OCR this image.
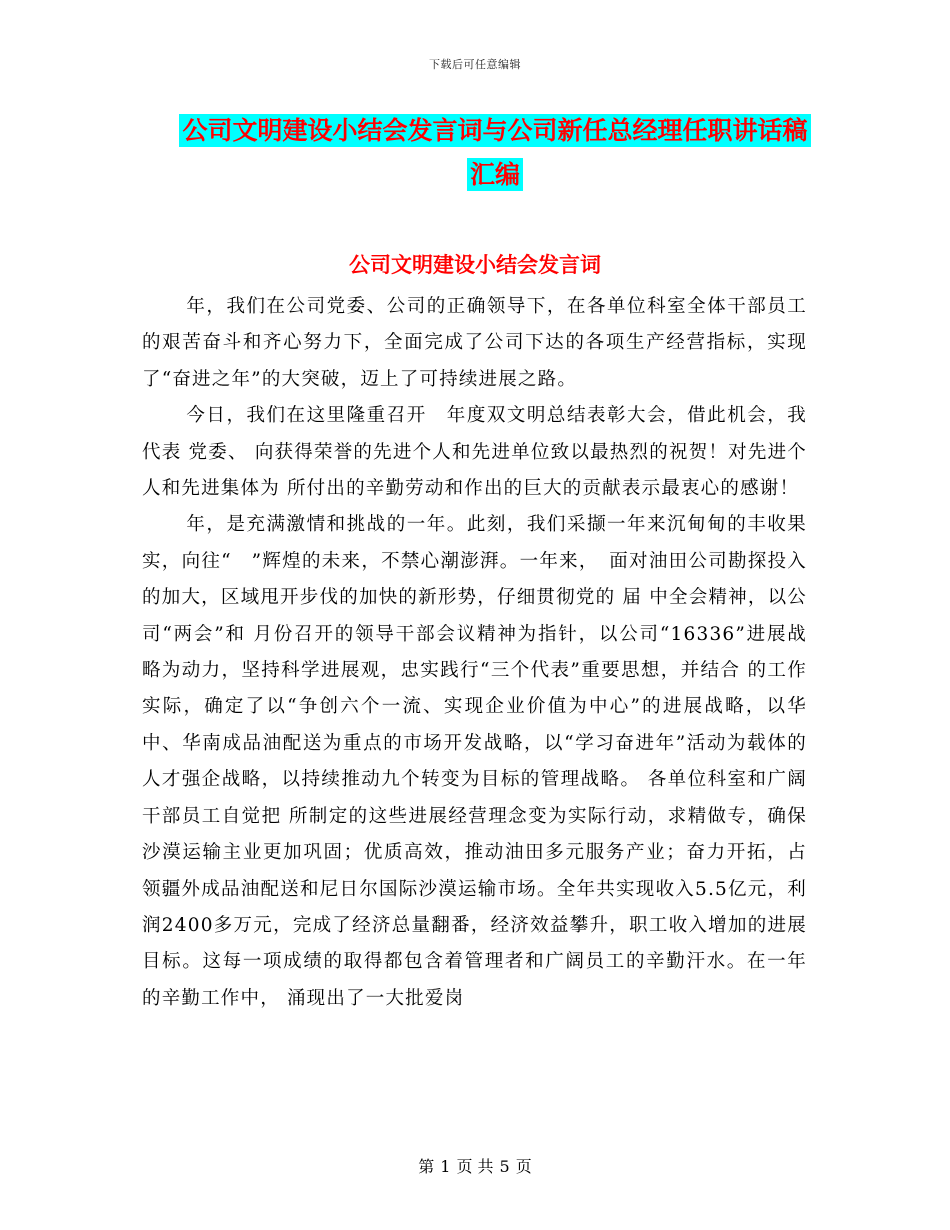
下载后可任意编辑
公司文明建设小结会发言词与公司新任总经理任职讲话稿汇编
公司文明建设小结会发言词

年，我们在公司党委、公司的正确领导下，在各单位科室全体干部员工的艰苦奋斗和齐心努力下，全面完成了公司下达的各项生产经营指标，实现了“奋进之年”的大突破，迈上了可持续进展之路。

今日，我们在这里隆重召开　年度双文明总结表彰大会，借此机会，我代表 党委、 向获得荣誉的先进个人和先进单位致以最热烈的祝贺！对先进个人和先进集体为 所付出的辛勤劳动和作出的巨大的贡献表示最衷心的感谢！

年，是充满激情和挑战的一年。此刻，我们采撷一年来沉甸甸的丰收果实，向往“　”辉煌的未来，不禁心潮澎湃。一年来，　面对油田公司勘探投入的加大，区域甩开步伐的加快的新形势，仔细贯彻党的 届 中全会精神，以公司“两会”和 月份召开的领导干部会议精神为指针，以公司“16336”进展战略为动力，坚持科学进展观，忠实践行“三个代表”重要思想，并结合 的工作实际，确定了以“争创六个一流、实现企业价值为中心”的进展战略，以华中、华南成品油配送为重点的市场开发战略，以“学习奋进年”活动为载体的人才强企战略，以持续推动九个转变为目标的管理战略。 各单位科室和广阔干部员工自觉把 所制定的这些进展经营理念变为实际行动，求精做专，确保沙漠运输主业更加巩固；优质高效，推动油田多元服务产业；奋力开拓，占领疆外成品油配送和尼日尔国际沙漠运输市场。全年共实现收入5.5亿元，利润2400多万元，完成了经济总量翻番，经济效益攀升，职工收入增加的进展目标。这每一项成绩的取得都包含着管理者和广阔员工的辛勤汗水。在一年的辛勤工作中， 涌现出了一大批爱岗

第 1 页 共 5 页
